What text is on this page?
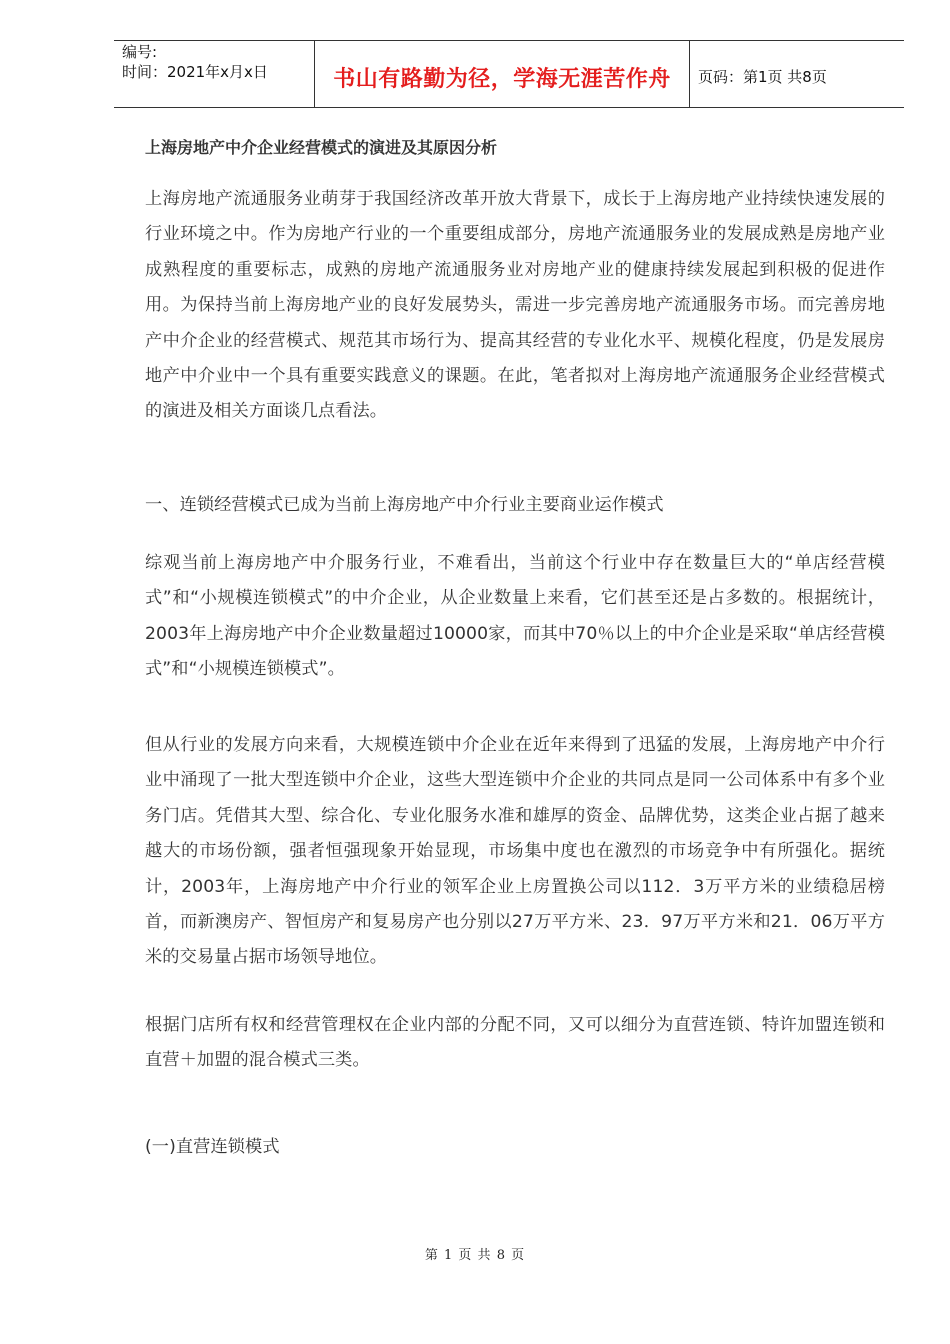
编号:
时间：2021年x月x日	书山有路勤为径，学海无涯苦作舟	页码：第1页 共8页
上海房地产中介企业经营模式的演进及其原因分析

上海房地产流通服务业萌芽于我国经济改革开放大背景下，成长于上海房地产业持续快速发展的行业环境之中。作为房地产行业的一个重要组成部分，房地产流通服务业的发展成熟是房地产业成熟程度的重要标志，成熟的房地产流通服务业对房地产业的健康持续发展起到积极的促进作用。为保持当前上海房地产业的良好发展势头，需进一步完善房地产流通服务市场。而完善房地产中介企业的经营模式、规范其市场行为、提高其经营的专业化水平、规模化程度，仍是发展房地产中介业中一个具有重要实践意义的课题。在此，笔者拟对上海房地产流通服务企业经营模式的演进及相关方面谈几点看法。

一、连锁经营模式已成为当前上海房地产中介行业主要商业运作模式

综观当前上海房地产中介服务行业，不难看出，当前这个行业中存在数量巨大的“单店经营模式”和“小规模连锁模式”的中介企业，从企业数量上来看，它们甚至还是占多数的。根据统计，2003年上海房地产中介企业数量超过10000家，而其中70％以上的中介企业是采取“单店经营模式”和“小规模连锁模式”。

但从行业的发展方向来看，大规模连锁中介企业在近年来得到了迅猛的发展，上海房地产中介行业中涌现了一批大型连锁中介企业，这些大型连锁中介企业的共同点是同一公司体系中有多个业务门店。凭借其大型、综合化、专业化服务水准和雄厚的资金、品牌优势，这类企业占据了越来越大的市场份额，强者恒强现象开始显现，市场集中度也在激烈的市场竞争中有所强化。据统计，2003年，上海房地产中介行业的领军企业上房置换公司以112．3万平方米的业绩稳居榜首，而新澳房产、智恒房产和复易房产也分别以27万平方米、23．97万平方米和21．06万平方米的交易量占据市场领导地位。

根据门店所有权和经营管理权在企业内部的分配不同，又可以细分为直营连锁、特许加盟连锁和直营＋加盟的混合模式三类。

(一)直营连锁模式

第 1 页 共 8 页
